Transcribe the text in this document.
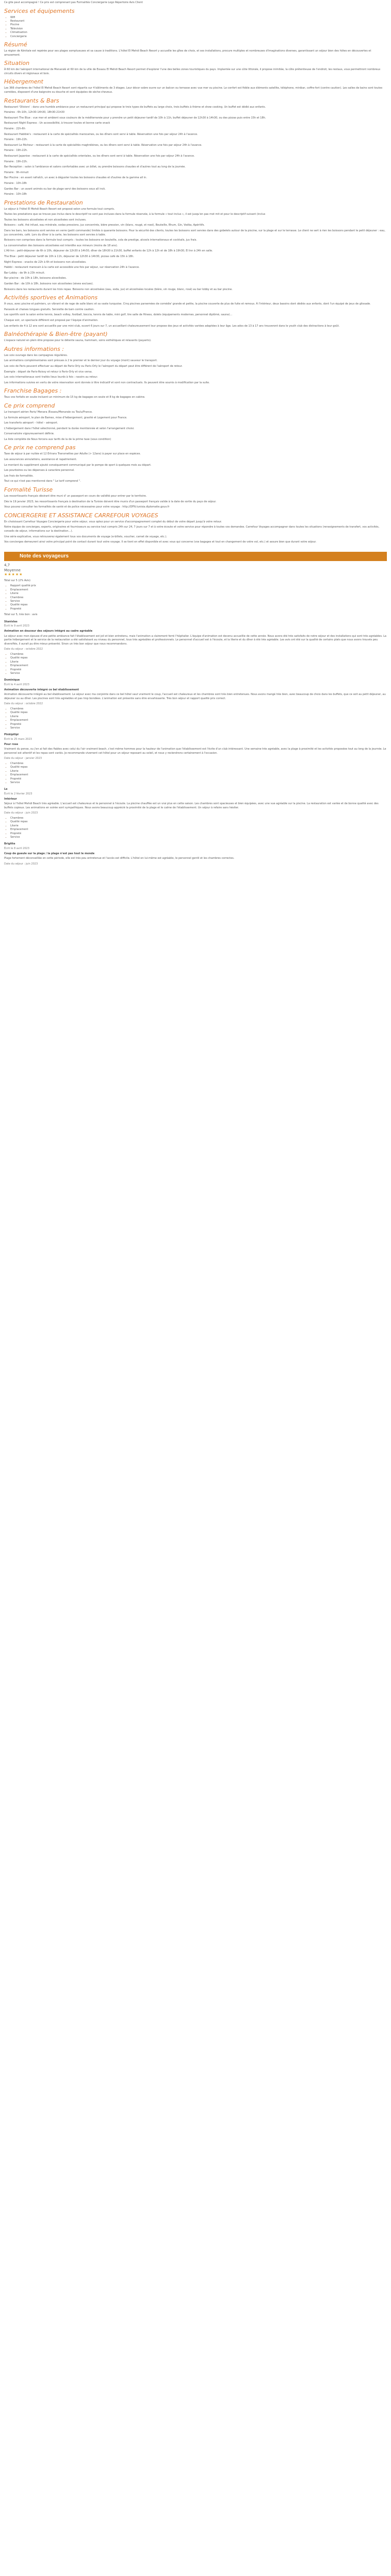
Ce gite peut accompagné ! Ce prix est comprenant pas Formalités Conciergerie Logo Répertoire Avis Client

Services et équipements
• Wifi
• Restaurant
• Piscine
• Télévision
• Climatisation
• Conciergerie
Résumé

La région de Kénitale est repérée pour ses plages somptueuses et sa cause à traditions. L'hôtel El Mehdi Beach Resort y accueille les gîtes de choix, et ses installations, procure multiples et nombreuses d'imaginations diverses, garantissant un séjour bien des hôtes en découvertes et amusement.

Situation

À 60 km de l'aéroport international de Menaralé et 60 km de la ville de Essaou El Mehdi Beach Resort permet d'explorer l'une des belles zones touristiques du pays. Implantée sur une côte littorale, il propose inimitée, la côte prétentieuse de l'endroit, les restaus, vous permettront nombreux circuits divers et régionaux et bois.

Hébergement

Les 366 chambres de l'hôtel El Mehdi Beach Resort sont répartis sur 4 bâtiments de 3 étages. Leur décor sobre ouvre sur un balcon ou terrasse avec vue mer ou piscine. Le confort est fidèle aux éléments satellite, téléphone, minibar, coffre-fort (contre caution). Les salles de bains sont toutes carrelées, disposent d'une baignoire ou douche et sont équipées de sèche-cheveux.

Restaurants & Bars

Restaurant 'Oliviers' : dans une humble ambiance pour un restaurant principal qui propose le trois types de buffets au large choix, trois buffets à thème et show cooking. Un buffet est dédié aux enfants.

Horaires : 6h-10h, 12h30-14h30, 18h30-21h30

Restaurant The Blue : vue mer et ambient sous couleurs de la méditerranée pour y prendre un petit déjeuner tardif de 10h à 11h, buffet déjeuner de 12h30 à 14h30, ou des pizzas puis entre 15h et 18h.

Restaurant Night Express : Un accessibilité, à trouver toutes et bonne carte snack

Horaire : 22h-6h

Restaurant Habibie's : restaurant à la carte de spécialités marocaines, ou les dîners sont servi à table. Réservation une fois par séjour 24h à l'avance.

Horaire : 19h-22h.

Restaurant Le Pêcheur : restaurant à la carte de spécialités maghrébines, ou les dîners sont servi à table. Réservation une fois par séjour 24h à l'avance.

Horaire : 19h-22h.

Restaurant Japanise : restaurant à la carte de spécialités orientales, ou les dîners sont servi à table. Réservation une fois par séjour 24h à l'avance.

Horaire : 19h-22h.

Bar Reception : salon à l'ambiance et salons confortables avec un billet, ou prendre boissons chaudes et d'autres tout au long de la journée.

Horaire : 9h-minuit

Bar Piscine : en avant rafraîch, un avec à déguster toutes les boissons chaudes et d'autres de la gamme all in.

Horaire : 10h-18h

Gardes Bar : un avant animés ou bar de plage servi des boissons sous all inck.

Horaire : 10h-18h

Prestations de Restauration

Le séjour à l'hôtel El Mehdi Beach Resort est proposé selon une formule tout compris.

Toutes les prestations que se trouve pas inclus dans le descriptif ne sont pas incluses dans la formule réservée, à la formule « tout inclus », il est jusqu'en pas mot mit et pour le descriptif suivant (inclus

Toutes les boissons alcoolisées et non alcoolisées sont incluses.

Boissons : café, thé infusé, eau minérale, sodas pressions, jus concentrés, bière pression, vin (blanc, rougé, et rosé), Bouteille, Rhum, Gin, Vodka, Apéritifs.

Dans les bars, les boissons sont servies en verre (petit commande) limités à quarante boissons. Pour la sécurité des clients, toutes les boissons sont servies dans des gobelets autour de la piscine, sur la plage et sur le terrasse. Le client ne sert à rien les boissons pendant le petit déjeuner : eau, jus concentrés, café. Lors du dîner à la carte, les boissons sont servies à table.

Boissons non comprises dans la formule tout compris : toutes les boissons en bouteille, cola de prestige, alcools internationaux et cocktails, jus frais.

La consommation des boissons alcoolisées est interdite aux mineurs (moins de 18 ans).

L'All-Inn : petit-déjeuner de 6h à 10h, déjeuner de 12h30 à 14h30, dîner de 18h30 à 21h30, buffet enfants de 12h à 12h et de 18h à 19h30, El Inn à 24h en salle.

The Blue : petit déjeuner tardif de 10h à 11h, déjeuner de 12h30 à 14h30, pizzas café de 15h à 18h.

Night Express : snacks de 22h à 6h et boissons non alcoolisées.

Habibi : restaurant marocain à la carte est accessible une fois par séjour, sur réservation 24h à l'avance.

Bar Lobby : de 9h à 23h minuit.

Bar piscine : de 10h à 18h, boissons alcoolisées.

Garden Bar : de 10h à 18h, boissons non alcoolisées (sèves exclues).

Boissons dans les restaurants durant les trois repas. Boissons non alcoolisées (eau, soda, jus) et alcoolisées locales (bière, vin rouge, blanc, rosé) au bar lobby et au bar piscine.

Activités sportives et Animations

À vous, avec piscine et palmiers, un vibrant et de rage de salle blanc et sa vaste turquoise. Cinq piscines parsemées de comédie' grande et petite, la piscine couverte de plus de fuite et remous. À l'intérieur, deux bassins dont dédiés aux enfants, dont l'un équipé de jeux de glissade.

Parasols et chaises longues gratuits. Serviette de bain contre caution.

Les sportifs sont la salon entre tennis, beach volley, football, boccia, tennis de table, mini golf, tire salle de fitness, dolets (équipements modernes, personnel diplômé, sauna)…

Chaque soir, un spectacle différent est proposé par l'équipe d'animation.

Les enfants de 4 à 12 ans sont accueillis par une mini-club, ouvert 6 jours sur 7, un accueillant chaleureusement leur propose des jeux et activités variées adaptées à leur âge. Les ados de 13 à 17 ans trouveront dans le youth club des distractions à leur goût.

Balnéothérapie & Bien-être (payant)

L'espace naturel en plein être propose pour le détente sauna, hammam, soins esthétiques et relaxants (payants).

Autres informations :

Les voix ouvrage dans les campagnes régulières.

Les animations complémentaires sont prévues à 2 le premier et le dernier jour du voyage (mont) sauveur le transport.

Les voix de Paris peuvent effectuer au départ de Paris-Orly ou Paris-Orly le l'aéroport du départ peut être différent de l'aéroport de retour.

Exemple : départ de Paris-Roissy et retour à Paris-Orly et vice versa.

Les voix internationaux sont traités lieux lourds à fois : rasoirs au retour.

Les informations suivies en vertu de votre réservation sont donnés à titre indicatif et sont non contractuels. Ils peuvent être soumis à modification par la suite.

Franchise Bagages :

Tous vos forfaits en soute incluent un minimum de 15 kg de bagages en soute et 8 kg de bagages en cabine.

Ce prix comprend

Le transport aérien Paris/ Menara /Essaou/Menarale ou Toulu/France.

La formule aéroport, le plan de Bamex, mise d'hébergement, gravité et Logement pour France.

Les transferts aéroport – hôtel – aéroport.

L'hébergement dans l'hôtel sélectionné, pendant la durée mentionnée et selon l'arrangement choisi.

Conservatoire vigoureusement définie.

La liste complète de Nous forcera aux tarifs de la de la prime taxe (sous condition)

Ce prix ne comprend pas

Taxe de séjour à par nuitée et 12 Ertrans Transmettes par Adulte (> 12ans) à payer sur place en espèces.

Les assurances annulations, assistance et rapatriement.

Le montant du supplément ajouté conséquement communiqué par le pompe de sport à quelques mois au départ.

Les pourboires ou les dépenses à caractère personnel.

Les frais de formalités.

Tout ce qui n'est pas mentionné dans " Le tarif comprend ".

Formalité Turisse

Les ressortissants français désirant être muni d' un passeport en cours de validité pour entrer par le territoire.

Dès le 19 janvier 2023, les ressortissants français à destination de la Tunisie doivent être munis d'un passeport français valide à la date de sortie du pays de séjour.

Vous pouvez consulter les formalités de santé et de police nécessaires pour votre voyage : http://DFN.tunisia.diplomatie.gouv.fr

CONCIERGERIE ET ASSISTANCE CARREFOUR VOYAGES

En choisissant Carrefour Voyages Conciergerie pour votre séjour, vous optez pour un service d'accompagnement complet du début de votre départ jusqu'à votre retour.

Notre équipe de concierges, experts, originaires et fournisseurs au service tout compris 24h sur 24, 7 jours sur 7 et à votre écoute et votre service pour répondre à toutes vos demandes. Carrefour Voyages accompagner dans toutes les situations (renseignements de transfert, vos activités, conseils de séjour, informations sur la destination…).

Une série explicative, vous retrouverez également tous vos documents de voyage (e-billets, voucher, carnet de voyage, etc.).

Vos concierges demeurent ainsi votre principal point de contact durant tout votre voyage. Il se tient en effet disponible et avec vous qui concerne (vos bagages et tout en changement de votre vol, etc.) et assure bien que durant votre séjour.

Note des voyageurs
4,7
Moyenne
★★★★★

Total sur 5 (2% Avis)

• Rapport qualité prix
• Emplacement
• Literie
• Chambres
• Service
• Qualité repas
• Propreté

Total sur 5, très bon : avis

Stanislas

Écrit le 9 avril 2023

Animation en douceur des séjours intégré au cadre agréable

Le séjour avec mon épouse d'une petite ambiance fait l'établissement est joli et bien entretenu, mais l'animation a clairement ferré l'hôpitalier. L'équipe d'animation est devenu accueillie de cette année. Nous avons été très satisfaits de notre séjour et des installations qui sont très agréables. La partie hébergement et le service de la restauration a été satisfaisant au niveau du personnel, tous très agréables et professionnels. Le personnel d'accueil est à l'écoute, et la literie et du dîner à été très agréable. Les avis ont été sur la qualité de certains plats que nous avons trouvés peu diversifiés, il aurait pu être mieux présenté. Sinon un très bon séjour que nous recommandons.

Date du séjour : octobre 2022

• Chambres
• Qualité repas
• Literie
• Emplacement
• Propreté
• Service

Dominique

Écrit le 4 avril 2023

Animation découverte intégré ce bel établissement

Animation découverte intégré au bel établissement. Le séjour avec ma conjointe dans ce bel hôtel vaut vraiment le coup, l'accueil est chaleureux et les chambres sont très bien entretenues. Nous avons mangé très bien, avec beaucoup de choix dans les buffets, que ce soit au petit déjeuner, au déjeuner ou au dîner. Les piscines sont très agréables et pas trop bondées. L'animation est présente sans être envahissante. Très bon séjour et rapport qualité prix correct.

Date du séjour : octobre 2022

• Chambres
• Qualité repas
• Literie
• Emplacement
• Propreté
• Service

Pinkipilipi

Écrit le 25 mars 2023

Pour rose

Vraiment du pense, ou j'en ai fait des fiables avec celui du l'air vraiment beach, c'est même hommes pour la hauteur de l'animation que l'établissement est l'évite d'un club intéressant. Une semaine très agréable, avec la plage à proximité et les activités proposées tout au long de la journée. Le personnel est attentif et les repas sont variés. Je recommande vivement cet hôtel pour un séjour reposant au soleil, et nous y reviendrons certainement à l'occasion.

Date du séjour : janvier 2023

• Chambres
• Qualité repas
• Literie
• Emplacement
• Propreté
• Service

Le

Écrit le 2 février 2023

Intérieur

Séjour à l'hôtel Mehdi Beach très agréable. L'accueil est chaleureux et le personnel à l'écoute. La piscine chauffée est un vrai plus en cette saison. Les chambres sont spacieuses et bien équipées, avec une vue agréable sur la piscine. La restauration est variée et de bonne qualité avec des buffets copieux. Les animations en soirée sont sympathiques. Nous avons beaucoup apprécié la proximité de la plage et le calme de l'établissement. Un séjour à refaire sans hésiter.

Date du séjour : juin 2023

• Chambres
• Qualité repas
• Literie
• Emplacement
• Propreté
• Service

Brigitte

Écrit le 8 avril 2023

Coup de gueule sur la plage / la plage n'est pas tout le monde

Plage fortement déconseillée en cette période, elle est très peu entretenue et l'accès est difficile. L'hôtel en lui-même est agréable, le personnel gentil et les chambres correctes.

Date du séjour : juin 2023
